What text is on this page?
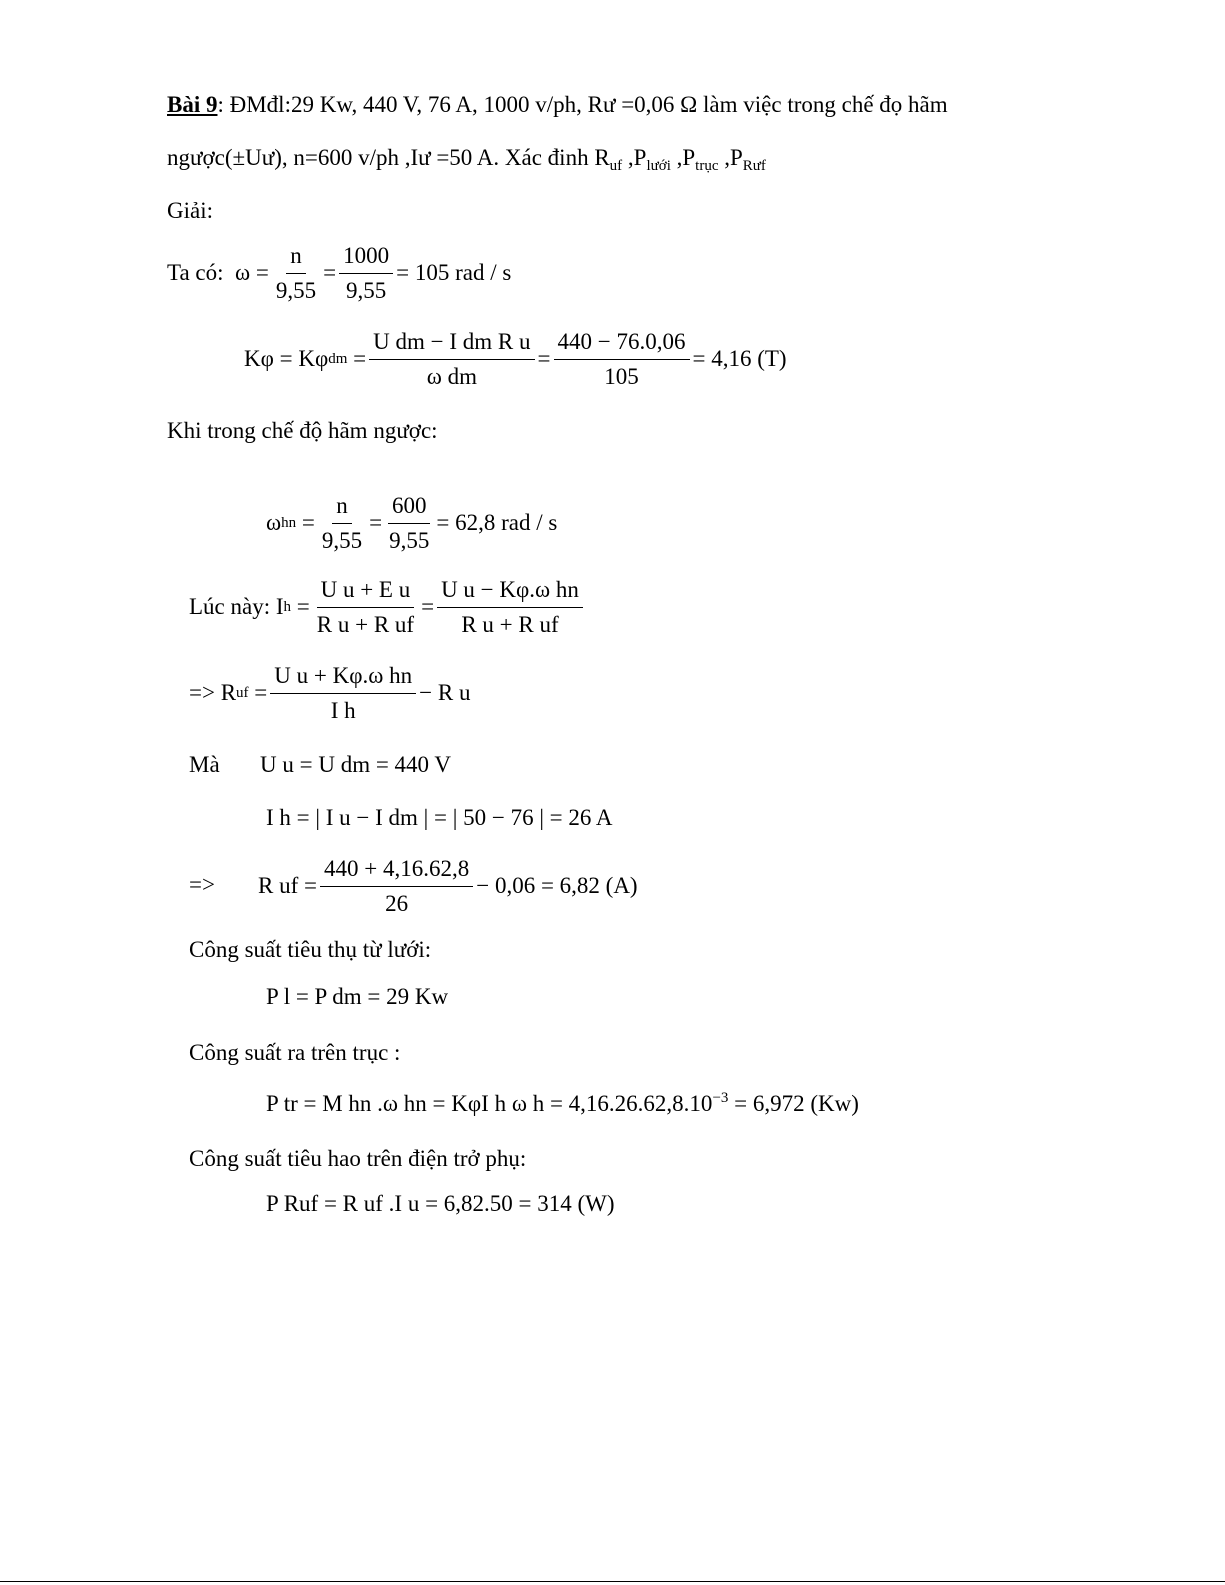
Bài 9: ĐMđl:29 Kw, 440 V, 76 A, 1000 v/ph, Rư =0,06 Ω làm việc trong chế đọ hãm
ngược(±Uư), n=600 v/ph ,Iư =50 A. Xác đinh $R_{uf}$ $,P_{lưới}$ $,P_{trục}$ $,P_{Rưf}$
Giải:
Ta có:
$\omega = \frac{n}{9,55} = \frac{1000}{9,55} = 105$ rad / s
Kφ = Kφ dm =
U dm − I dm R u
ω dm
= $\frac{440 - 76.0,06}{105} = 4,16$ (T)
Khi trong chế độ hãm ngược:
ω hn =
n
9,55
= $\frac{600}{9,55} = 62,8$ rad / s
Lúc này:
I h =
U u + E u
R u + R uf
=
U u − Kφ.ω hn
R u + R uf
=>
R uf =
U u + Kφ.ω hn
I h
− R u
Mà U u = U dm = 440 V
I h = | I u − I dm | = | 50 − 76 | = 26 A
=> R uf = $\frac{440 + 4,16.62,8}{26} - 0,06 = 6,82$ (A)
Công suất tiêu thụ từ lưới:
P l = P dm = 29 Kw
Công suất ra trên trục :
P tr = M hn .ω hn = KφI h ω $h = 4,16.26.62,8.10^{-3} = 6,972$ (Kw)
Công suất tiêu hao trên điện trở phụ:
P Ruf = R uf .I u = 6,82.50 = 314 (W)
